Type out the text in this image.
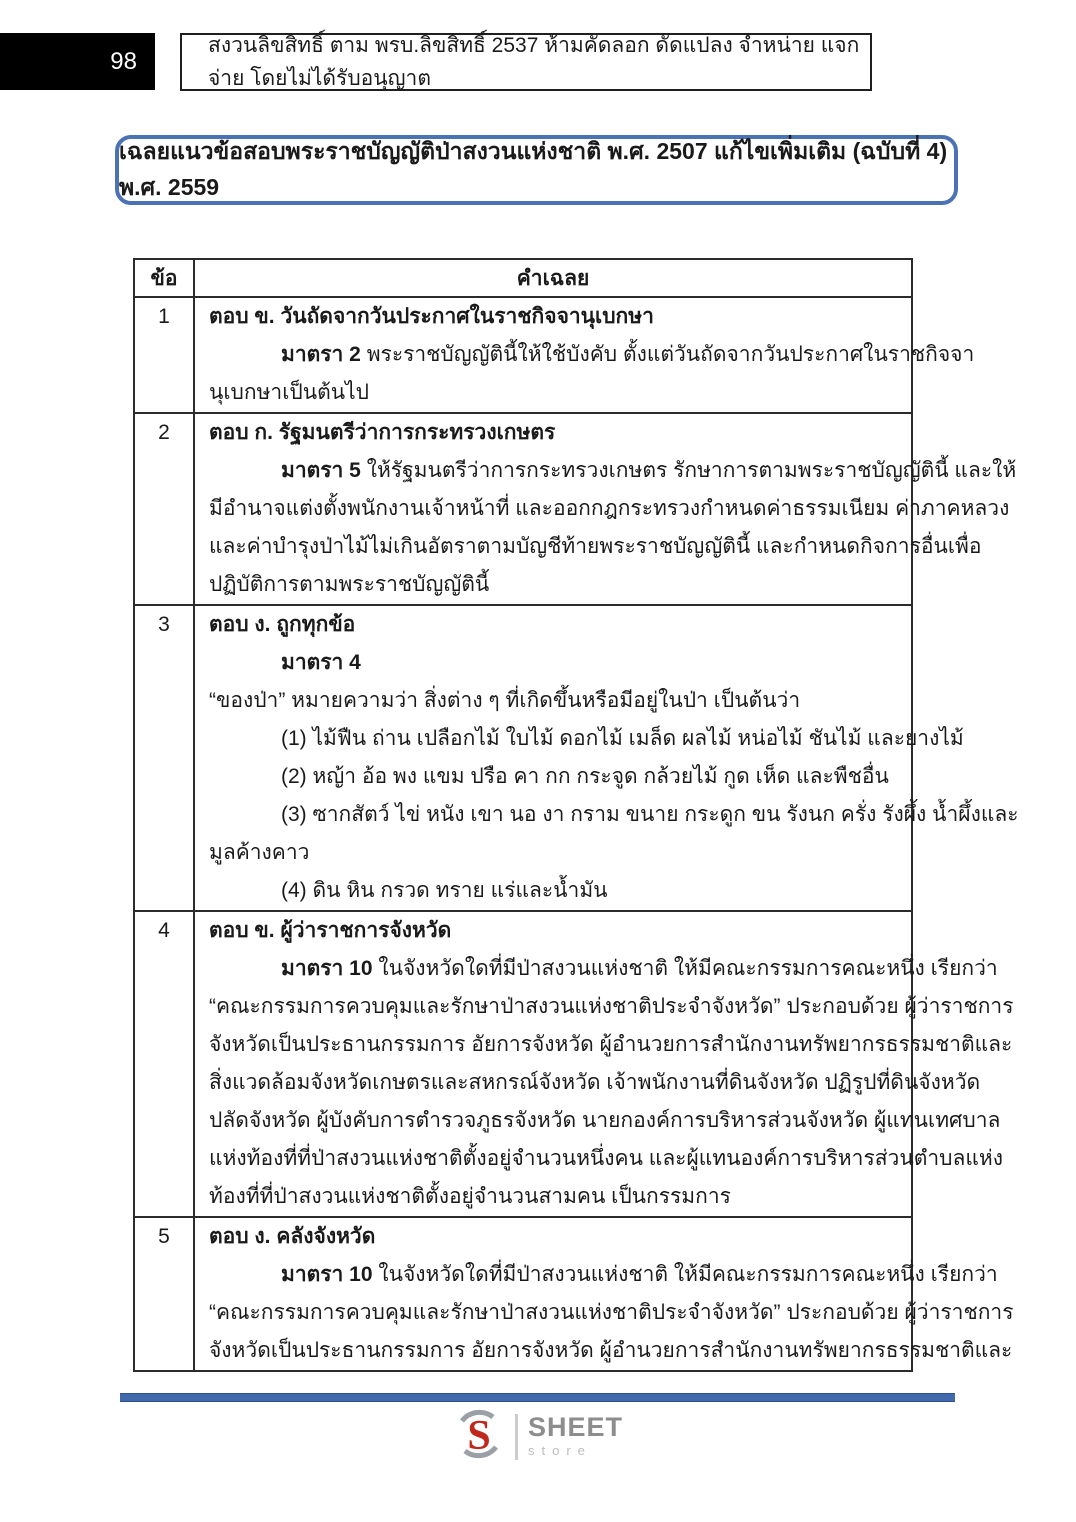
98
สงวนลิขสิทธิ์ ตาม พรบ.ลิขสิทธิ์ 2537 ห้ามคัดลอก ดัดแปลง จำหน่าย แจกจ่าย โดยไม่ได้รับอนุญาต
เฉลยแนวข้อสอบพระราชบัญญัติป่าสงวนแห่งชาติ พ.ศ. 2507 แก้ไขเพิ่มเติม (ฉบับที่ 4) พ.ศ. 2559
ข้อ	คำเฉลย
1	ตอบ ข. วันถัดจากวันประกาศในราชกิจจานุเบกษา
มาตรา 2 พระราชบัญญัตินี้ให้ใช้บังคับ ตั้งแต่วันถัดจากวันประกาศในราชกิจจา
นุเบกษาเป็นต้นไป

2	ตอบ ก. รัฐมนตรีว่าการกระทรวงเกษตร
มาตรา 5 ให้รัฐมนตรีว่าการกระทรวงเกษตร รักษาการตามพระราชบัญญัตินี้ และให้
มีอำนาจแต่งตั้งพนักงานเจ้าหน้าที่ และออกกฎกระทรวงกำหนดค่าธรรมเนียม ค่าภาคหลวง
และค่าบำรุงป่าไม้ไม่เกินอัตราตามบัญชีท้ายพระราชบัญญัตินี้ และกำหนดกิจการอื่นเพื่อ
ปฏิบัติการตามพระราชบัญญัตินี้

3	ตอบ ง. ถูกทุกข้อ
มาตรา 4
“ของป่า” หมายความว่า สิ่งต่าง ๆ ที่เกิดขึ้นหรือมีอยู่ในป่า เป็นต้นว่า
(1) ไม้ฟืน ถ่าน เปลือกไม้ ใบไม้ ดอกไม้ เมล็ด ผลไม้ หน่อไม้ ชันไม้ และยางไม้
(2) หญ้า อ้อ พง แขม ปรือ คา กก กระจูด กล้วยไม้ กูด เห็ด และพืชอื่น
(3) ซากสัตว์ ไข่ หนัง เขา นอ งา กราม ขนาย กระดูก ขน รังนก ครั่ง รังผึ้ง น้ำผึ้งและ
มูลค้างคาว
(4) ดิน หิน กรวด ทราย แร่และน้ำมัน

4	ตอบ ข. ผู้ว่าราชการจังหวัด
มาตรา 10 ในจังหวัดใดที่มีป่าสงวนแห่งชาติ ให้มีคณะกรรมการคณะหนึ่ง เรียกว่า
“คณะกรรมการควบคุมและรักษาป่าสงวนแห่งชาติประจำจังหวัด” ประกอบด้วย ผู้ว่าราชการ
จังหวัดเป็นประธานกรรมการ อัยการจังหวัด ผู้อำนวยการสำนักงานทรัพยากรธรรมชาติและ
สิ่งแวดล้อมจังหวัดเกษตรและสหกรณ์จังหวัด เจ้าพนักงานที่ดินจังหวัด ปฏิรูปที่ดินจังหวัด
ปลัดจังหวัด ผู้บังคับการตำรวจภูธรจังหวัด นายกองค์การบริหารส่วนจังหวัด ผู้แทนเทศบาล
แห่งท้องที่ที่ป่าสงวนแห่งชาติตั้งอยู่จำนวนหนึ่งคน และผู้แทนองค์การบริหารส่วนตำบลแห่ง
ท้องที่ที่ป่าสงวนแห่งชาติตั้งอยู่จำนวนสามคน เป็นกรรมการ

5	ตอบ ง. คลังจังหวัด
มาตรา 10 ในจังหวัดใดที่มีป่าสงวนแห่งชาติ ให้มีคณะกรรมการคณะหนึ่ง เรียกว่า
“คณะกรรมการควบคุมและรักษาป่าสงวนแห่งชาติประจำจังหวัด” ประกอบด้วย ผู้ว่าราชการ
จังหวัดเป็นประธานกรรมการ อัยการจังหวัด ผู้อำนวยการสำนักงานทรัพยากรธรรมชาติและ
S SHEET
store
